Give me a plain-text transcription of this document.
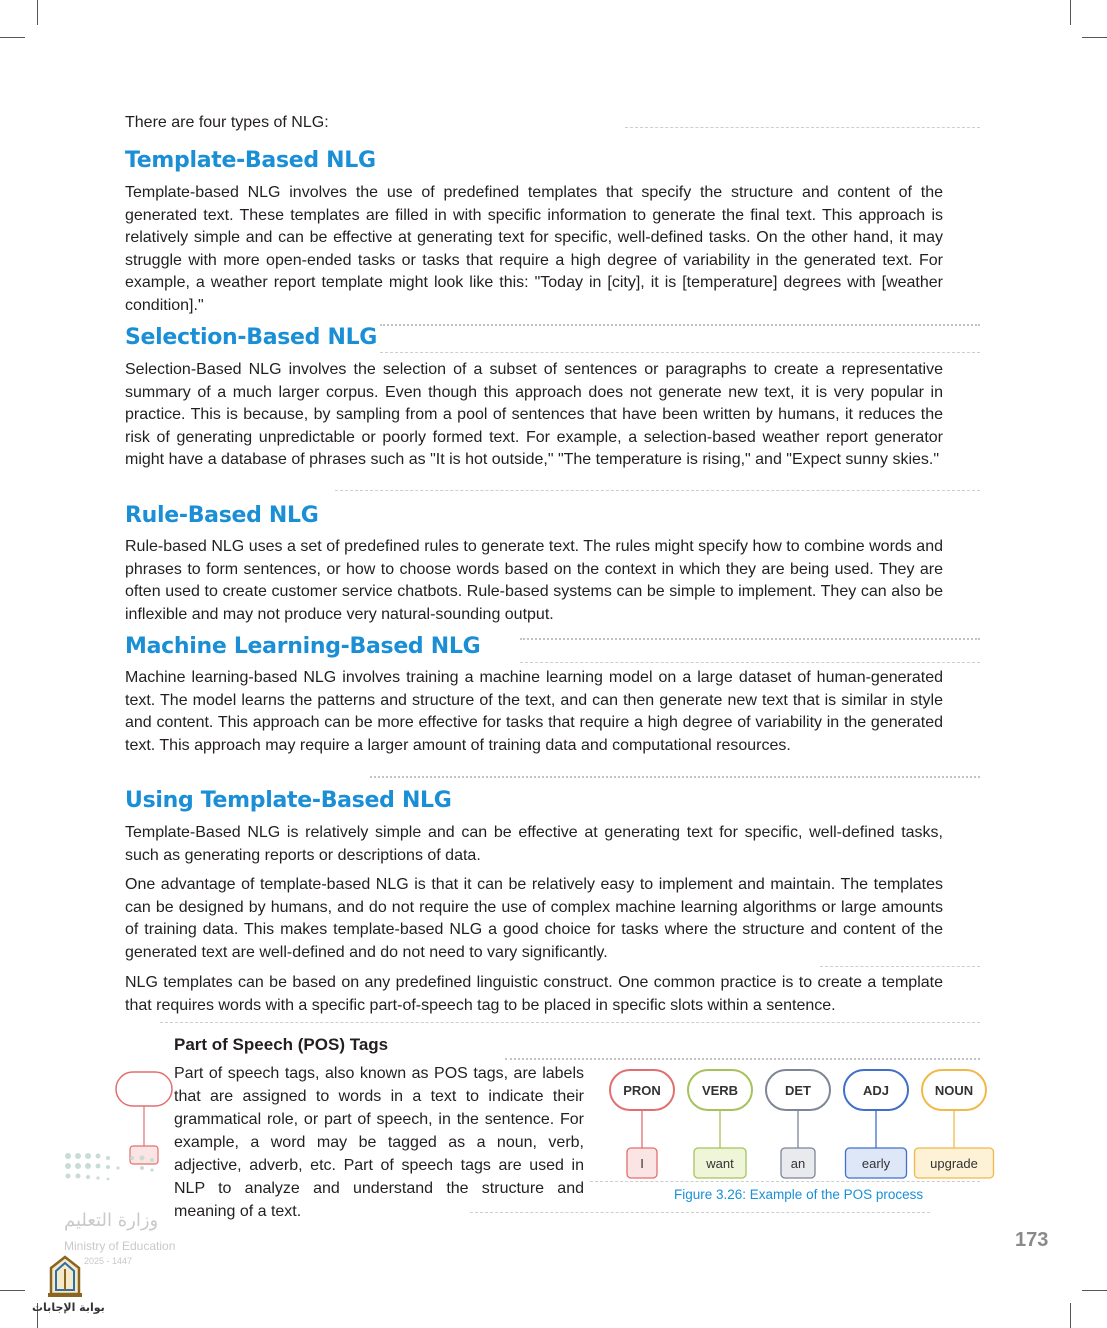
There are four types of NLG:
Template-Based NLG

Template-based NLG involves the use of predefined templates that specify the structure and content of the generated text. These templates are filled in with specific information to generate the final text. This approach is relatively simple and can be effective at generating text for specific, well-defined tasks. On the other hand, it may struggle with more open-ended tasks or tasks that require a high degree of variability in the generated text. For example, a weather report template might look like this: "Today in [city], it is [temperature] degrees with [weather condition]."

Selection-Based NLG

Selection-Based NLG involves the selection of a subset of sentences or paragraphs to create a representative summary of a much larger corpus. Even though this approach does not generate new text, it is very popular in practice. This is because, by sampling from a pool of sentences that have been written by humans, it reduces the risk of generating unpredictable or poorly formed text. For example, a selection-based weather report generator might have a database of phrases such as "It is hot outside," "The temperature is rising," and "Expect sunny skies."

Rule-Based NLG

Rule-based NLG uses a set of predefined rules to generate text. The rules might specify how to combine words and phrases to form sentences, or how to choose words based on the context in which they are being used. They are often used to create customer service chatbots. Rule-based systems can be simple to implement. They can also be inflexible and may not produce very natural-sounding output.

Machine Learning-Based NLG

Machine learning-based NLG involves training a machine learning model on a large dataset of human-generated text. The model learns the patterns and structure of the text, and can then generate new text that is similar in style and content. This approach can be more effective for tasks that require a high degree of variability in the generated text. This approach may require a larger amount of training data and computational resources.

Using Template-Based NLG

Template-Based NLG is relatively simple and can be effective at generating text for specific, well-defined tasks, such as generating reports or descriptions of data.

One advantage of template-based NLG is that it can be relatively easy to implement and maintain. The templates can be designed by humans, and do not require the use of complex machine learning algorithms or large amounts of training data. This makes template-based NLG a good choice for tasks where the structure and content of the generated text are well-defined and do not need to vary significantly.

NLG templates can be based on any predefined linguistic construct. One common practice is to create a template that requires words with a specific part-of-speech tag to be placed in specific slots within a sentence.

Part of Speech (POS) Tags

Part of speech tags, also known as POS tags, are labels that are assigned to words in a text to indicate their grammatical role, or part of speech, in the sentence. For example, a word may be tagged as a noun, verb, adjective, adverb, etc. Part of speech tags are used in NLP to analyze and understand the structure and meaning of a text.

PRON
I
VERB
want
DET
an
ADJ
early
NOUN
upgrade
Figure 3.26: Example of the POS process
173
وزارة التعليم
Ministry of Education
2025 - 1447
بوابة الإجابات
